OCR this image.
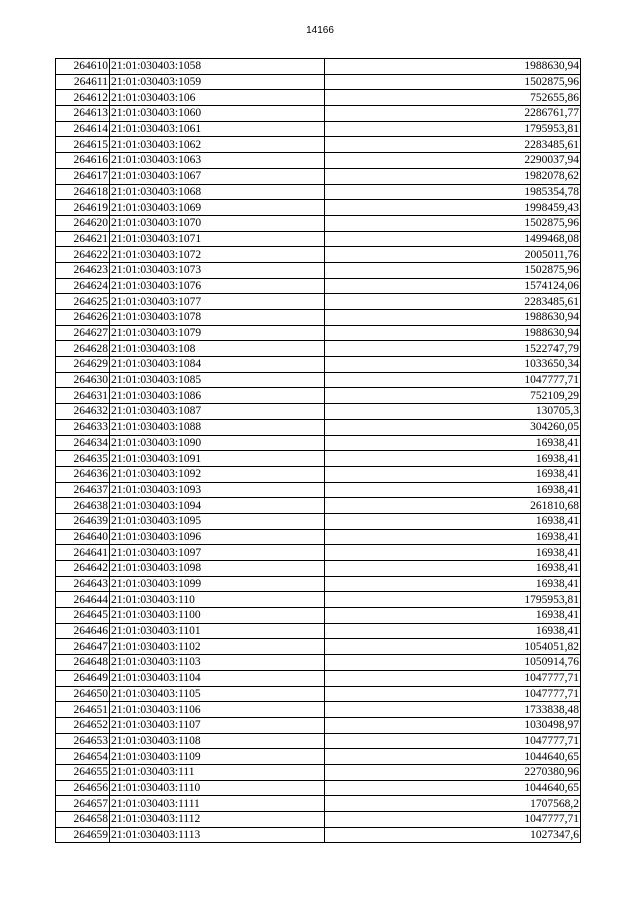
14166
264610	21:01:030403:1058	1988630,94
264611	21:01:030403:1059	1502875,96
264612	21:01:030403:106	752655,86
264613	21:01:030403:1060	2286761,77
264614	21:01:030403:1061	1795953,81
264615	21:01:030403:1062	2283485,61
264616	21:01:030403:1063	2290037,94
264617	21:01:030403:1067	1982078,62
264618	21:01:030403:1068	1985354,78
264619	21:01:030403:1069	1998459,43
264620	21:01:030403:1070	1502875,96
264621	21:01:030403:1071	1499468,08
264622	21:01:030403:1072	2005011,76
264623	21:01:030403:1073	1502875,96
264624	21:01:030403:1076	1574124,06
264625	21:01:030403:1077	2283485,61
264626	21:01:030403:1078	1988630,94
264627	21:01:030403:1079	1988630,94
264628	21:01:030403:108	1522747,79
264629	21:01:030403:1084	1033650,34
264630	21:01:030403:1085	1047777,71
264631	21:01:030403:1086	752109,29
264632	21:01:030403:1087	130705,3
264633	21:01:030403:1088	304260,05
264634	21:01:030403:1090	16938,41
264635	21:01:030403:1091	16938,41
264636	21:01:030403:1092	16938,41
264637	21:01:030403:1093	16938,41
264638	21:01:030403:1094	261810,68
264639	21:01:030403:1095	16938,41
264640	21:01:030403:1096	16938,41
264641	21:01:030403:1097	16938,41
264642	21:01:030403:1098	16938,41
264643	21:01:030403:1099	16938,41
264644	21:01:030403:110	1795953,81
264645	21:01:030403:1100	16938,41
264646	21:01:030403:1101	16938,41
264647	21:01:030403:1102	1054051,82
264648	21:01:030403:1103	1050914,76
264649	21:01:030403:1104	1047777,71
264650	21:01:030403:1105	1047777,71
264651	21:01:030403:1106	1733838,48
264652	21:01:030403:1107	1030498,97
264653	21:01:030403:1108	1047777,71
264654	21:01:030403:1109	1044640,65
264655	21:01:030403:111	2270380,96
264656	21:01:030403:1110	1044640,65
264657	21:01:030403:1111	1707568,2
264658	21:01:030403:1112	1047777,71
264659	21:01:030403:1113	1027347,6
